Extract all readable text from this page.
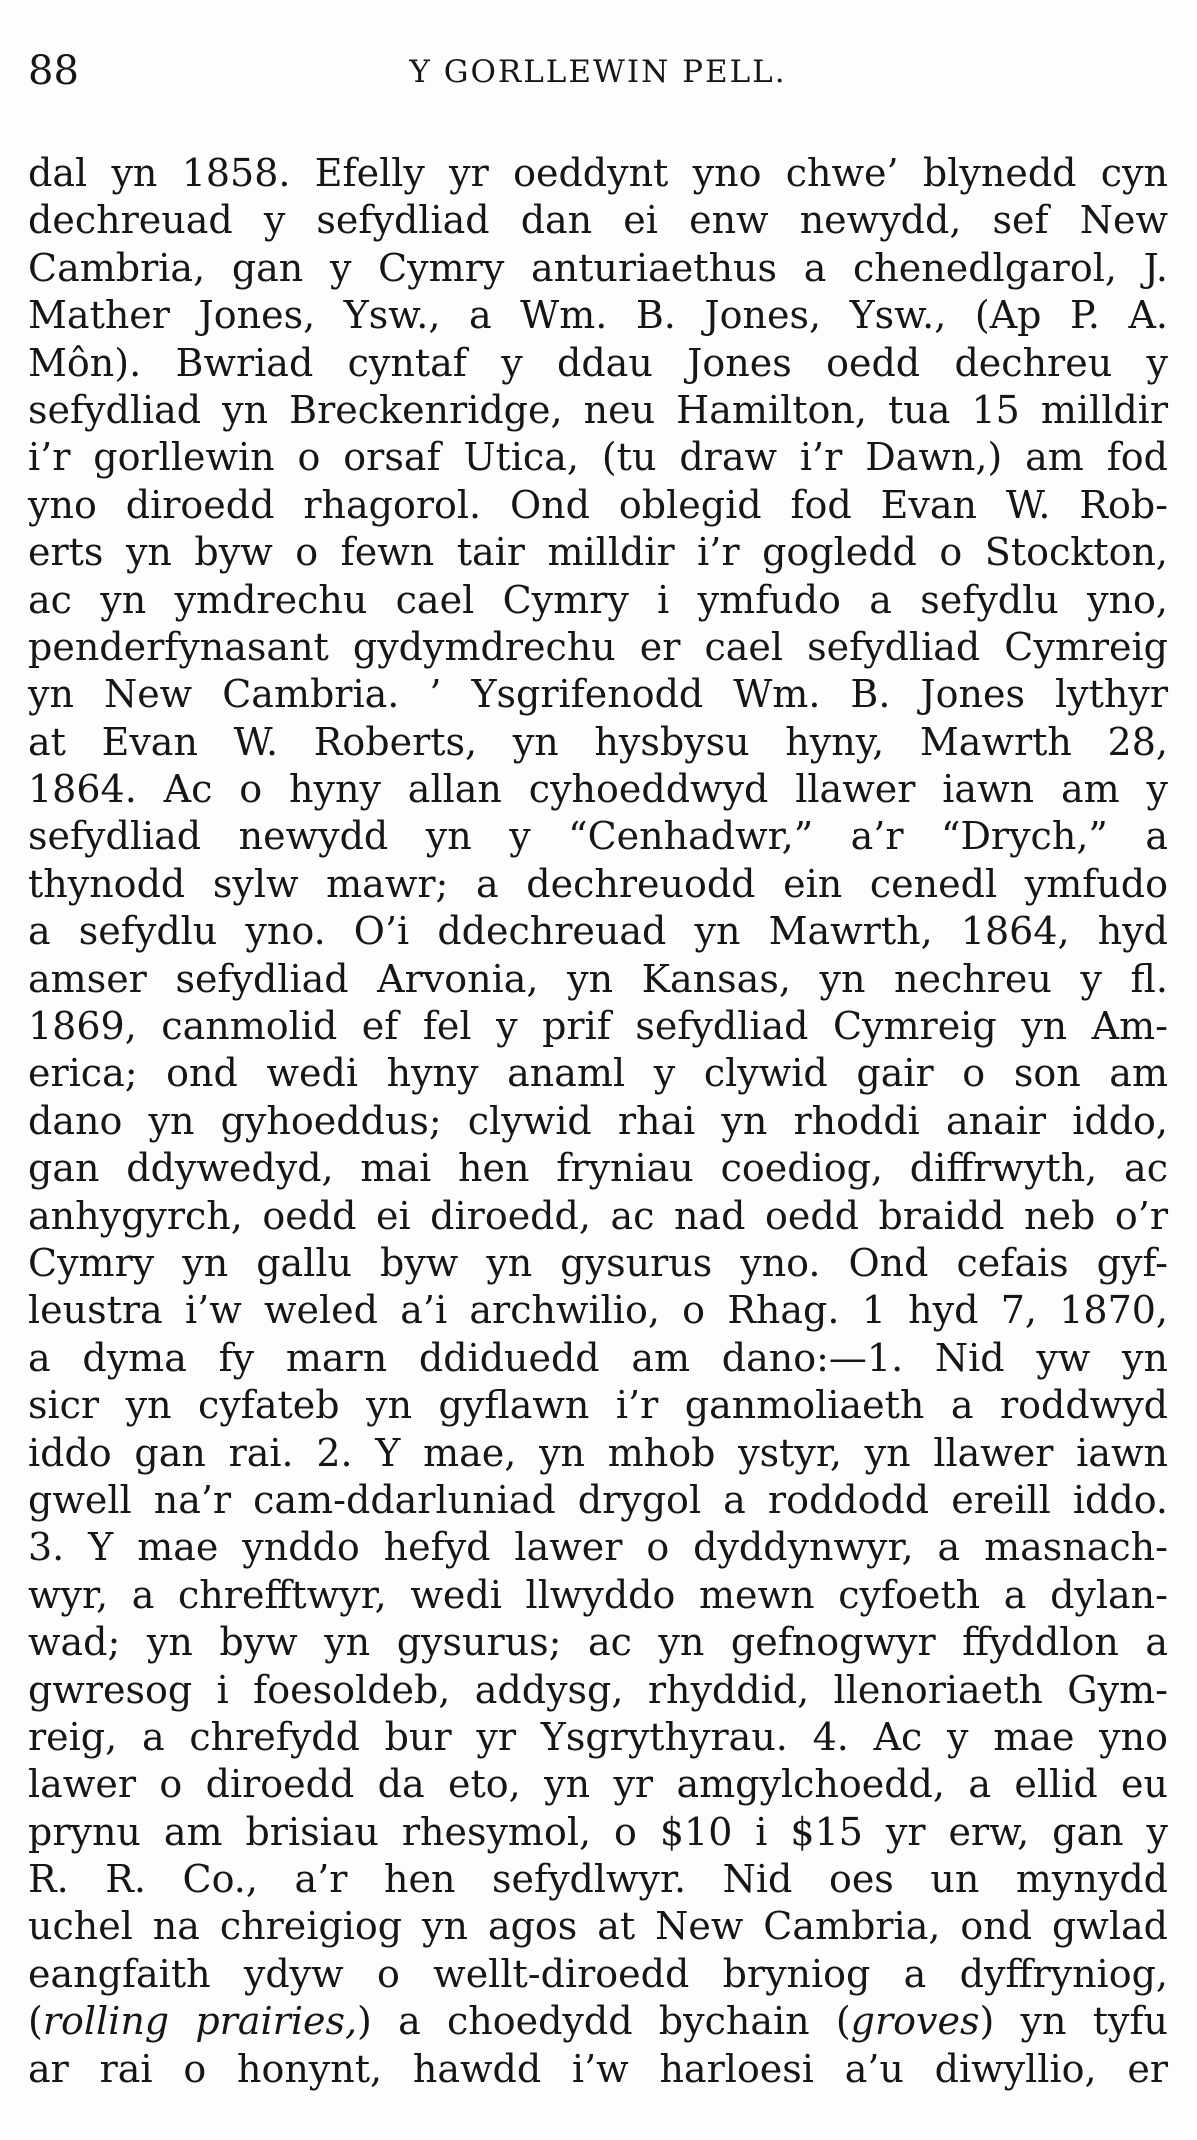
88	Y GORLLEWIN PELL.
dal yn 1858. Efelly yr oeddynt yno chwe’ blynedd cyn
dechreuad y sefydliad dan ei enw newydd, sef New
Cambria, gan y Cymry anturiaethus a chenedlgarol, J.
Mather Jones, Ysw., a Wm. B. Jones, Ysw., (Ap P. A.
Môn). Bwriad cyntaf y ddau Jones oedd dechreu y
sefydliad yn Breckenridge, neu Hamilton, tua 15 milldir
i’r gorllewin o orsaf Utica, (tu draw i’r Dawn,) am fod
yno diroedd rhagorol. Ond oblegid fod Evan W. Rob-
erts yn byw o fewn tair milldir i’r gogledd o Stockton,
ac yn ymdrechu cael Cymry i ymfudo a sefydlu yno,
penderfynasant gydymdrechu er cael sefydliad Cymreig
yn New Cambria. ’ Ysgrifenodd Wm. B. Jones lythyr
at Evan W. Roberts, yn hysbysu hyny, Mawrth 28,
1864. Ac o hyny allan cyhoeddwyd llawer iawn am y
sefydliad newydd yn y “Cenhadwr,” a’r “Drych,” a
thynodd sylw mawr; a dechreuodd ein cenedl ymfudo
a sefydlu yno. O’i ddechreuad yn Mawrth, 1864, hyd
amser sefydliad Arvonia, yn Kansas, yn nechreu y fl.
1869, canmolid ef fel y prif sefydliad Cymreig yn Am-
erica; ond wedi hyny anaml y clywid gair o son am
dano yn gyhoeddus; clywid rhai yn rhoddi anair iddo,
gan ddywedyd, mai hen fryniau coediog, diffrwyth, ac
anhygyrch, oedd ei diroedd, ac nad oedd braidd neb o’r
Cymry yn gallu byw yn gysurus yno. Ond cefais gyf-
leustra i’w weled a’i archwilio, o Rhag. 1 hyd 7, 1870,
a dyma fy marn ddiduedd am dano:—1. Nid yw yn
sicr yn cyfateb yn gyflawn i’r ganmoliaeth a roddwyd
iddo gan rai. 2. Y mae, yn mhob ystyr, yn llawer iawn
gwell na’r cam-ddarluniad drygol a roddodd ereill iddo.
3. Y mae ynddo hefyd lawer o dyddynwyr, a masnach-
wyr, a chrefftwyr, wedi llwyddo mewn cyfoeth a dylan-
wad; yn byw yn gysurus; ac yn gefnogwyr ffyddlon a
gwresog i foesoldeb, addysg, rhyddid, llenoriaeth Gym-
reig, a chrefydd bur yr Ysgrythyrau. 4. Ac y mae yno
lawer o diroedd da eto, yn yr amgylchoedd, a ellid eu
prynu am brisiau rhesymol, o $10 i $15 yr erw, gan y
R. R. Co., a’r hen sefydlwyr. Nid oes un mynydd
uchel na chreigiog yn agos at New Cambria, ond gwlad
eangfaith ydyw o wellt-diroedd bryniog a dyffryniog,
(rolling prairies,) a choedydd bychain (groves) yn tyfu
ar rai o honynt, hawdd i’w harloesi a’u diwyllio, er
